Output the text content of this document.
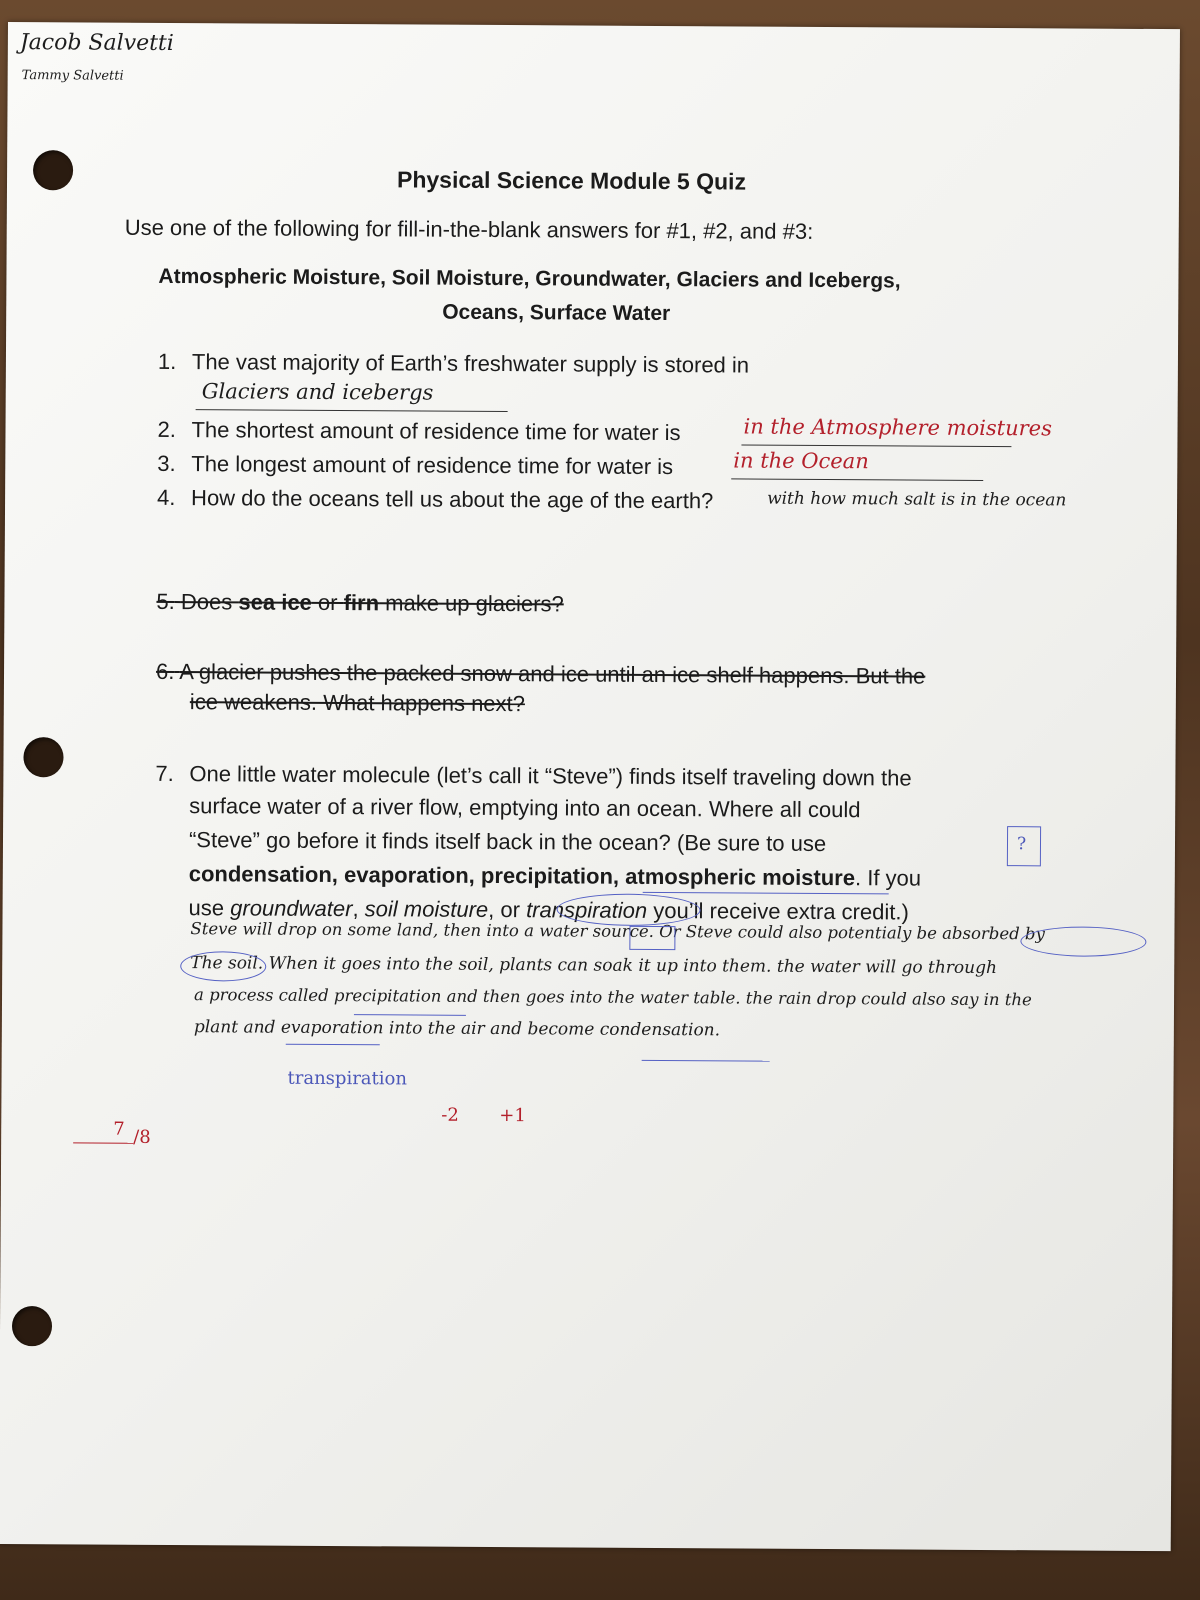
Jacob Salvetti
Tammy Salvetti
Physical Science Module 5 Quiz
Use one of the following for fill-in-the-blank answers for #1, #2, and #3:
Atmospheric Moisture, Soil Moisture, Groundwater, Glaciers and Icebergs,
Oceans, Surface Water
1. The vast majority of Earth’s freshwater supply is stored in
Glaciers and icebergs
2. The shortest amount of residence time for water is	in the Atmosphere moistures
3. The longest amount of residence time for water is	in the Ocean
4. How do the oceans tell us about the age of the earth?	with how much salt is in the ocean
5. Does sea ice or firn make up glaciers?
6. A glacier pushes the packed snow and ice until an ice shelf happens. But the
ice weakens. What happens next?
7. One little water molecule (let’s call it “Steve”) finds itself traveling down the
surface water of a river flow, emptying into an ocean. Where all could
“Steve” go before it finds itself back in the ocean? (Be sure to use
condensation, evaporation, precipitation, atmospheric moisture. If you
use groundwater, soil moisture, or transpiration you’ll receive extra credit.)
?
Steve will drop on some land, then into a water source. Or Steve could also potentialy be absorbed by
The soil. When it goes into the soil, plants can soak it up into them. the water will go through
a process called precipitation and then goes into the water table. the rain drop could also say in the
plant and evaporation into the air and become condensation.
transpiration
-2 +1
7 /8
